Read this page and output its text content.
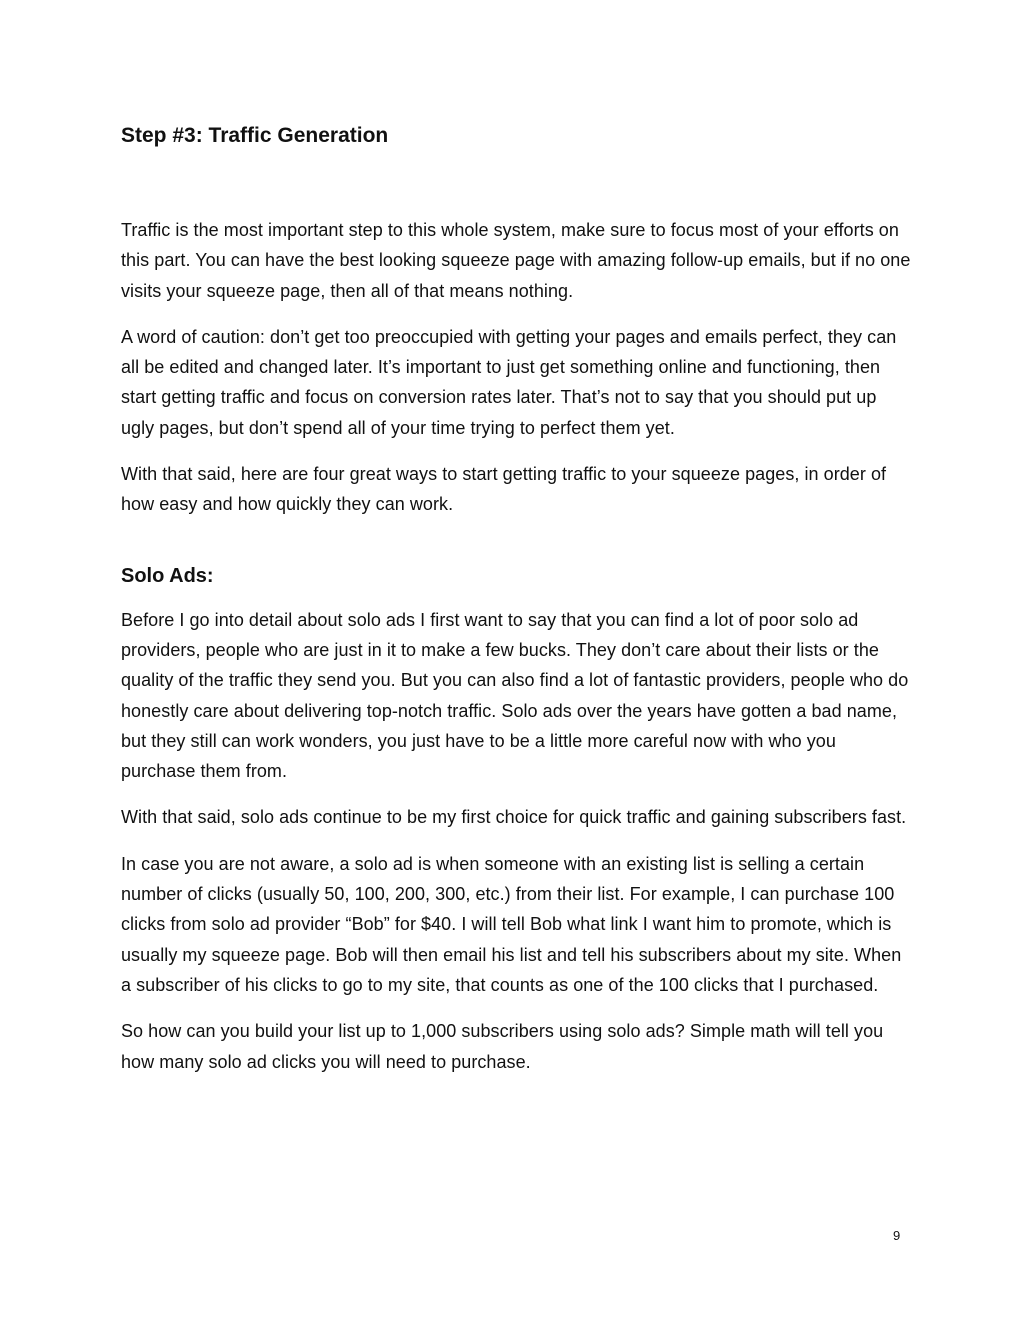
Step #3: Traffic Generation

Traffic is the most important step to this whole system, make sure to focus most of your efforts on this part. You can have the best looking squeeze page with amazing follow-up emails, but if no one visits your squeeze page, then all of that means nothing.

A word of caution: don’t get too preoccupied with getting your pages and emails perfect, they can all be edited and changed later. It’s important to just get something online and functioning, then start getting traffic and focus on conversion rates later. That’s not to say that you should put up ugly pages, but don’t spend all of your time trying to perfect them yet.

With that said, here are four great ways to start getting traffic to your squeeze pages, in order of how easy and how quickly they can work.

Solo Ads:

Before I go into detail about solo ads I first want to say that you can find a lot of poor solo ad providers, people who are just in it to make a few bucks. They don’t care about their lists or the quality of the traffic they send you. But you can also find a lot of fantastic providers, people who do honestly care about delivering top-notch traffic. Solo ads over the years have gotten a bad name, but they still can work wonders, you just have to be a little more careful now with who you purchase them from.

With that said, solo ads continue to be my first choice for quick traffic and gaining subscribers fast.

In case you are not aware, a solo ad is when someone with an existing list is selling a certain number of clicks (usually 50, 100, 200, 300, etc.) from their list. For example, I can purchase 100 clicks from solo ad provider “Bob” for $40. I will tell Bob what link I want him to promote, which is usually my squeeze page. Bob will then email his list and tell his subscribers about my site. When a subscriber of his clicks to go to my site, that counts as one of the 100 clicks that I purchased.

So how can you build your list up to 1,000 subscribers using solo ads? Simple math will tell you how many solo ad clicks you will need to purchase.

9
